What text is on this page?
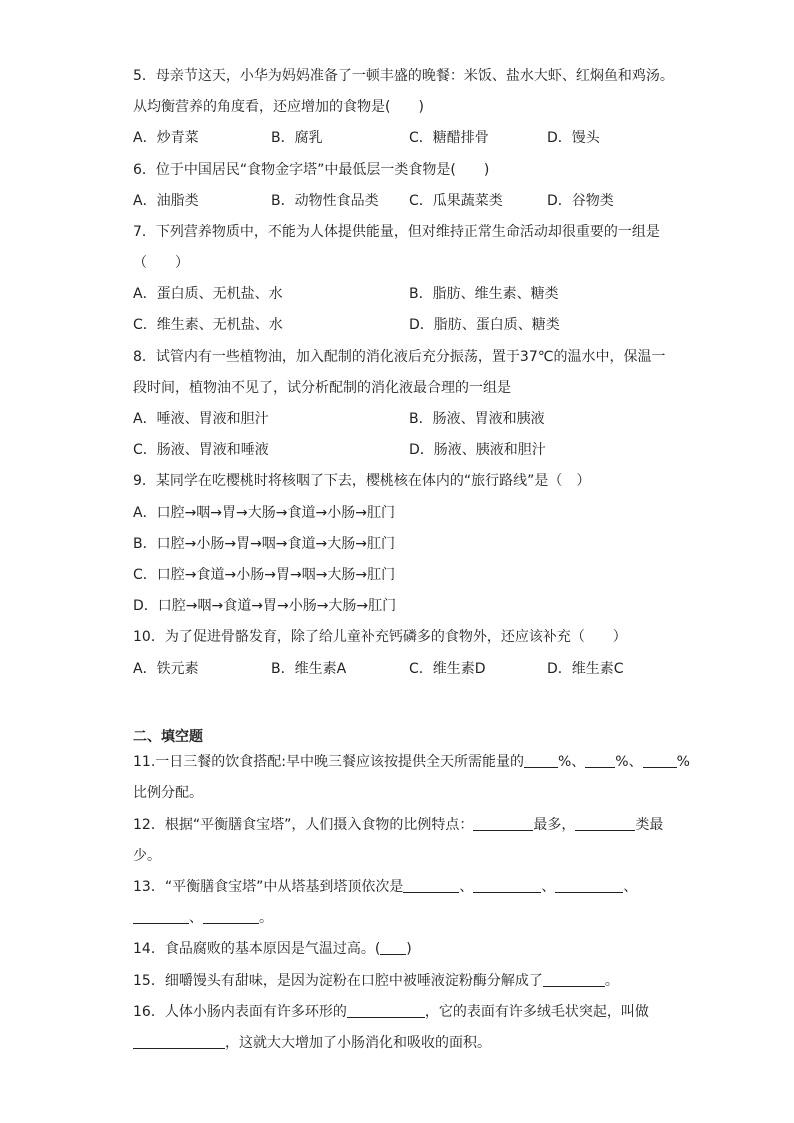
5．母亲节这天，小华为妈妈准备了一顿丰盛的晚餐：米饭、盐水大虾、红焖鱼和鸡汤。
从均衡营养的角度看，还应增加的食物是(　　)
A．炒青菜	B．腐乳	C．糖醋排骨	D．馒头
6．位于中国居民“食物金字塔”中最低层一类食物是(　　)
A．油脂类	B．动物性食品类 C．瓜果蔬菜类	D．谷物类
7．下列营养物质中，不能为人体提供能量，但对维持正常生命活动却很重要的一组是
（　　）
A．蛋白质、无机盐、水	B．脂肪、维生素、糖类
C．维生素、无机盐、水	D．脂肪、蛋白质、糖类
8．试管内有一些植物油，加入配制的消化液后充分振荡，置于37℃的温水中，保温一
段时间，植物油不见了，试分析配制的消化液最合理的一组是
A．唾液、胃液和胆汁	B．肠液、胃液和胰液
C．肠液、胃液和唾液	D．肠液、胰液和胆汁
9．某同学在吃樱桃时将核咽了下去，樱桃核在体内的“旅行路线”是（　）
A．口腔→咽→胃→大肠→食道→小肠→肛门
B．口腔→小肠→胃→咽→食道→大肠→肛门
C．口腔→食道→小肠→胃→咽→大肠→肛门
D．口腔→咽→食道→胃→小肠→大肠→肛门
10．为了促进骨骼发育，除了给儿童补充钙磷多的食物外，还应该补充（　　）
A．铁元素	B．维生素A	C．维生素D	D．维生素C
二、填空题
11.一日三餐的饮食搭配:早中晚三餐应该按提供全天所需能量的 %、 %、 %
比例分配。
12．根据“平衡膳食宝塔”，人们摄入食物的比例特点：	最多，	类最
少。
13．“平衡膳食宝塔”中从塔基到塔顶依次是	、	、	、
、	。
14．食品腐败的基本原因是气温过高。( )
15．细嚼馒头有甜味，是因为淀粉在口腔中被唾液淀粉酶分解成了	。
16．人体小肠内表面有许多环形的	，它的表面有许多绒毛状突起，叫做
，这就大大增加了小肠消化和吸收的面积。
